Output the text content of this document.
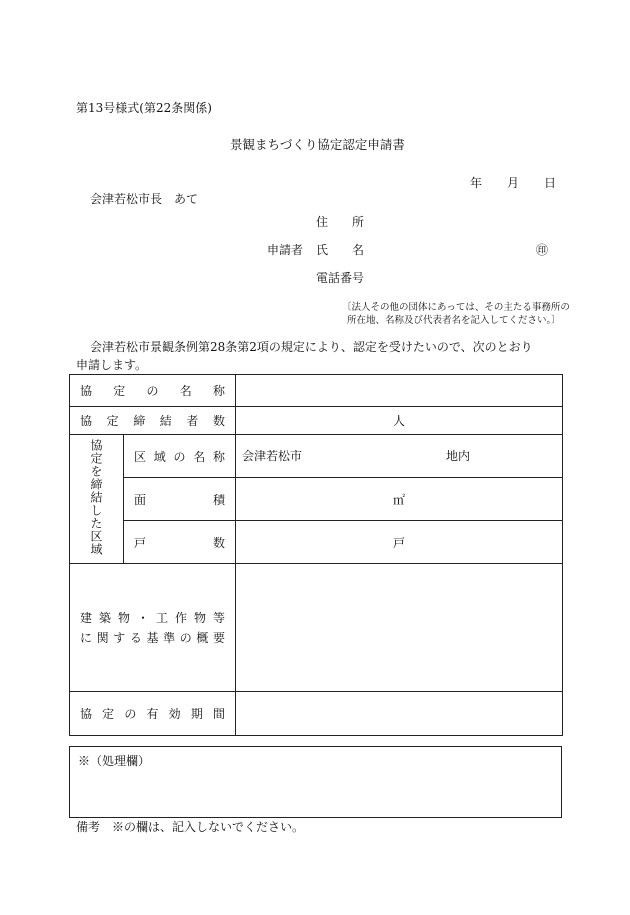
第13号様式(第22条関係)
景観まちづくり協定認定申請書
年 月 日
会津若松市長　あて
住　　所
申請者 氏　　名	㊞
電話番号
〔法人その他の団体にあっては、その主たる事務所の
所在地、名称及び代表者名を記入してください。〕
会津若松市景観条例第28条第2項の規定により、認定を受けたいので、次のとおり
申請します。
協定の名称		

協定締結者数		人
協定を締結した区域	区域の名称	会津若松市 地内

	面積	㎡

	戸数	戸

建築物・工作物等
に関する基準の概要		

協定の有効期間		

※（処理欄）
備考　※の欄は、記入しないでください。
